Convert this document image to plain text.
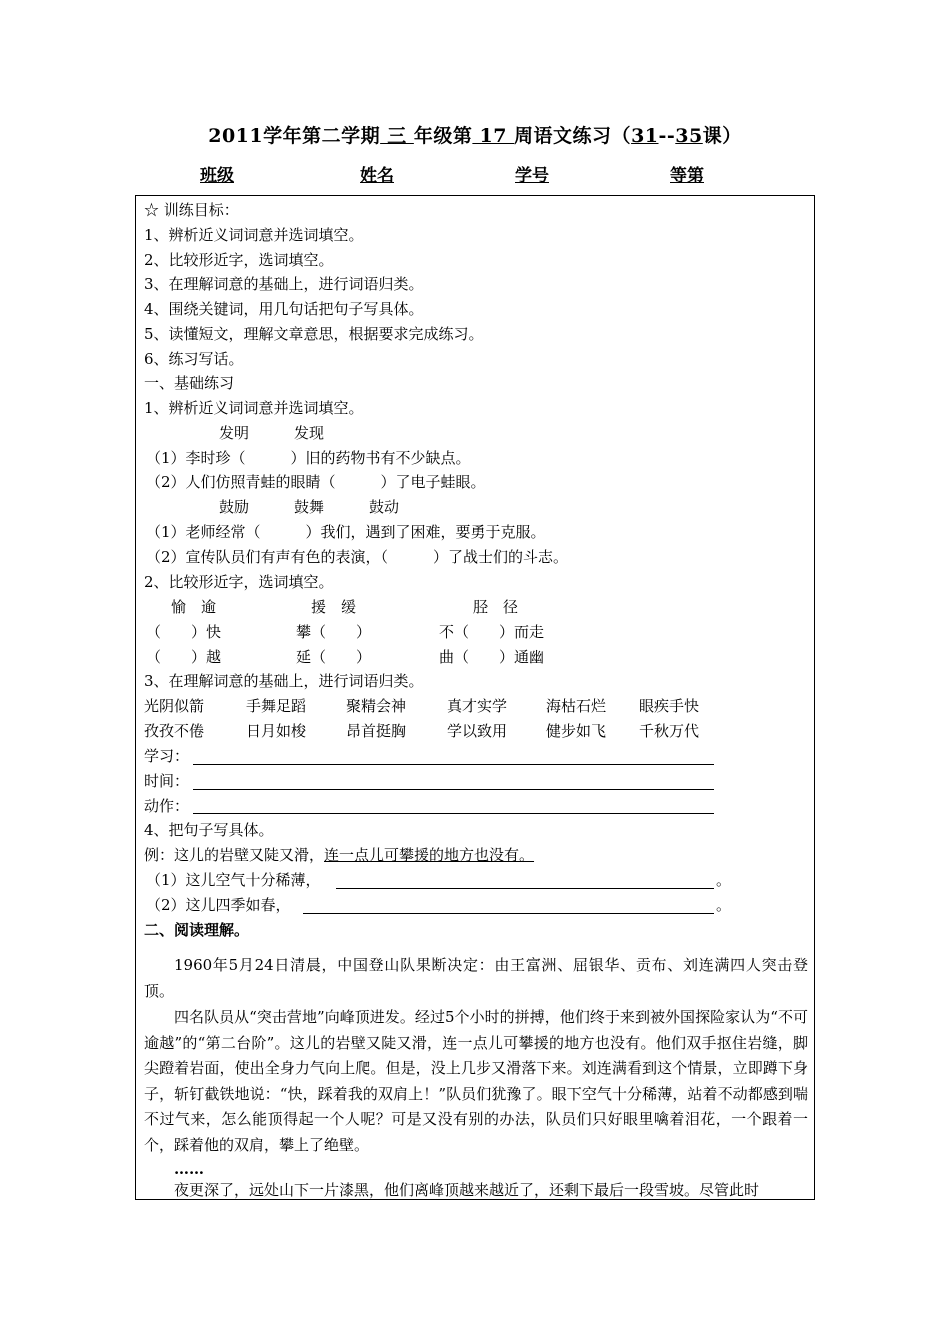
2011学年第二学期 三 年级第 17 周语文练习（31--35课）
班级	姓名	学号	等第
☆ 训练目标：
1、辨析近义词词意并选词填空。
2、比较形近字，选词填空。
3、在理解词意的基础上，进行词语归类。
4、围绕关键词，用几句话把句子写具体。
5、读懂短文，理解文章意思，根据要求完成练习。
6、练习写话。
一、基础练习
1、辨析近义词词意并选词填空。
发明	发现
（1）李时珍（　　　）旧的药物书有不少缺点。
（2）人们仿照青蛙的眼睛（　　　）了电子蛙眼。
鼓励	鼓舞	鼓动
（1）老师经常（　　　）我们，遇到了困难，要勇于克服。
（2）宣传队员们有声有色的表演，（　　　）了战士们的斗志。
2、比较形近字，选词填空。
愉　逾	援　缓	胫　径
（　　）快	攀（　　）	不（　　）而走
（　　）越	延（　　）	曲（　　）通幽
3、在理解词意的基础上，进行词语归类。
光阴似箭	手舞足蹈	聚精会神	真才实学	海枯石烂 眼疾手快
孜孜不倦	日月如梭	昂首挺胸	学以致用	健步如飞 千秋万代
学习：
时间：
动作：
4、把句子写具体。
例：这儿的岩壁又陡又滑，连一点儿可攀援的地方也没有。
（1）这儿空气十分稀薄，	。
（2）这儿四季如春，	。
二、阅读理解。
1960年5月24日清晨，中国登山队果断决定：由王富洲、屈银华、贡布、刘连满四人突击登顶。
四名队员从“突击营地”向峰顶进发。经过5个小时的拼搏，他们终于来到被外国探险家认为“不可逾越”的“第二台阶”。这儿的岩壁又陡又滑，连一点儿可攀援的地方也没有。他们双手抠住岩缝，脚尖蹬着岩面，使出全身力气向上爬。但是，没上几步又滑落下来。刘连满看到这个情景，立即蹲下身子，斩钉截铁地说：“快，踩着我的双肩上！”队员们犹豫了。眼下空气十分稀薄，站着不动都感到喘不过气来，怎么能顶得起一个人呢？可是又没有别的办法，队员们只好眼里噙着泪花，一个跟着一个，踩着他的双肩，攀上了绝壁。
……
夜更深了，远处山下一片漆黑，他们离峰顶越来越近了，还剩下最后一段雪坡。尽管此时
